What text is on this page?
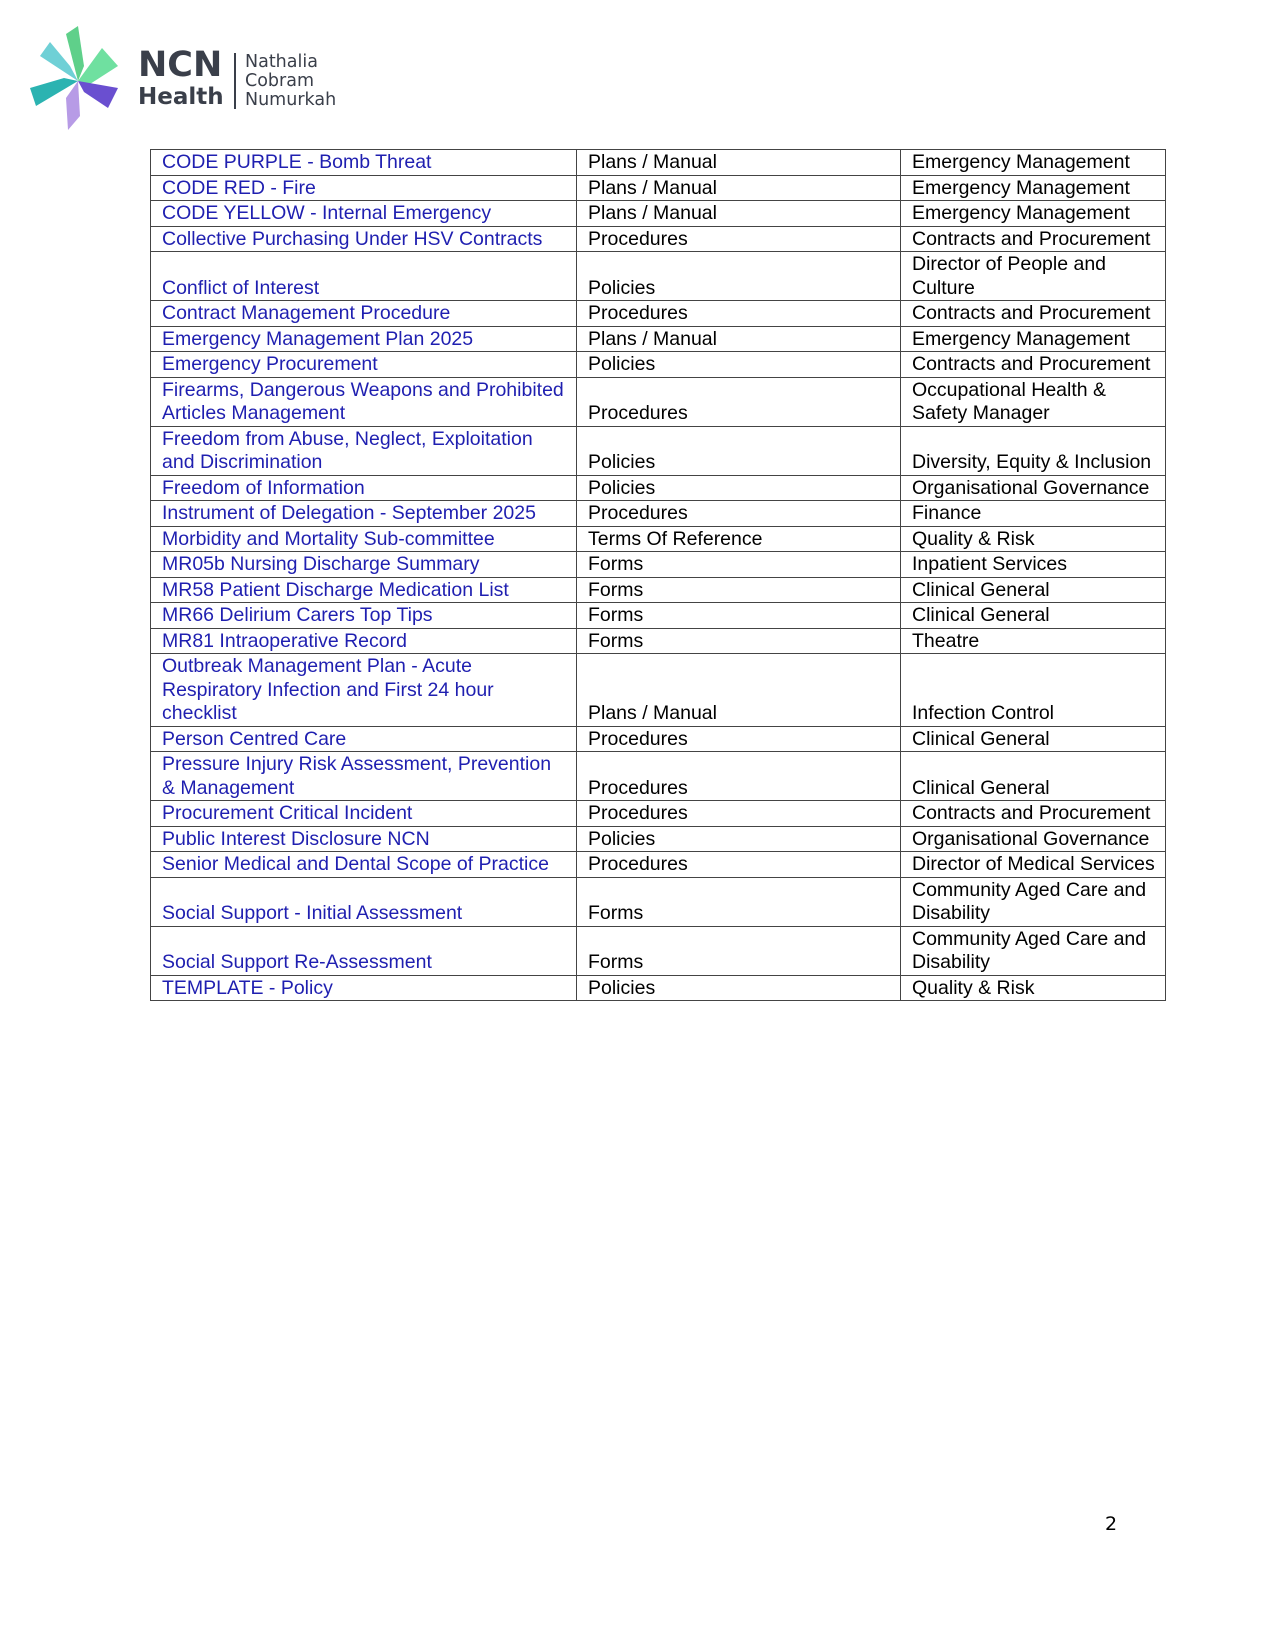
NCN
Health
Nathalia
Cobram
Numurkah
CODE PURPLE - Bomb Threat	Plans / Manual	Emergency Management
CODE RED - Fire	Plans / Manual	Emergency Management
CODE YELLOW - Internal Emergency	Plans / Manual	Emergency Management
Collective Purchasing Under HSV Contracts	Procedures	Contracts and Procurement
Conflict of Interest	Policies	Director of People and Culture
Contract Management Procedure	Procedures	Contracts and Procurement
Emergency Management Plan 2025	Plans / Manual	Emergency Management
Emergency Procurement	Policies	Contracts and Procurement
Firearms, Dangerous Weapons and Prohibited Articles Management	Procedures	Occupational Health & Safety Manager
Freedom from Abuse, Neglect, Exploitation and Discrimination	Policies	Diversity, Equity & Inclusion
Freedom of Information	Policies	Organisational Governance
Instrument of Delegation - September 2025	Procedures	Finance
Morbidity and Mortality Sub-committee	Terms Of Reference	Quality & Risk
MR05b Nursing Discharge Summary	Forms	Inpatient Services
MR58 Patient Discharge Medication List	Forms	Clinical General
MR66 Delirium Carers Top Tips	Forms	Clinical General
MR81 Intraoperative Record	Forms	Theatre
Outbreak Management Plan - Acute Respiratory Infection and First 24 hour checklist	Plans / Manual	Infection Control
Person Centred Care	Procedures	Clinical General
Pressure Injury Risk Assessment, Prevention & Management	Procedures	Clinical General
Procurement Critical Incident	Procedures	Contracts and Procurement
Public Interest Disclosure NCN	Policies	Organisational Governance
Senior Medical and Dental Scope of Practice	Procedures	Director of Medical Services
Social Support - Initial Assessment	Forms	Community Aged Care and Disability
Social Support Re-Assessment	Forms	Community Aged Care and Disability
TEMPLATE - Policy	Policies	Quality & Risk
2
